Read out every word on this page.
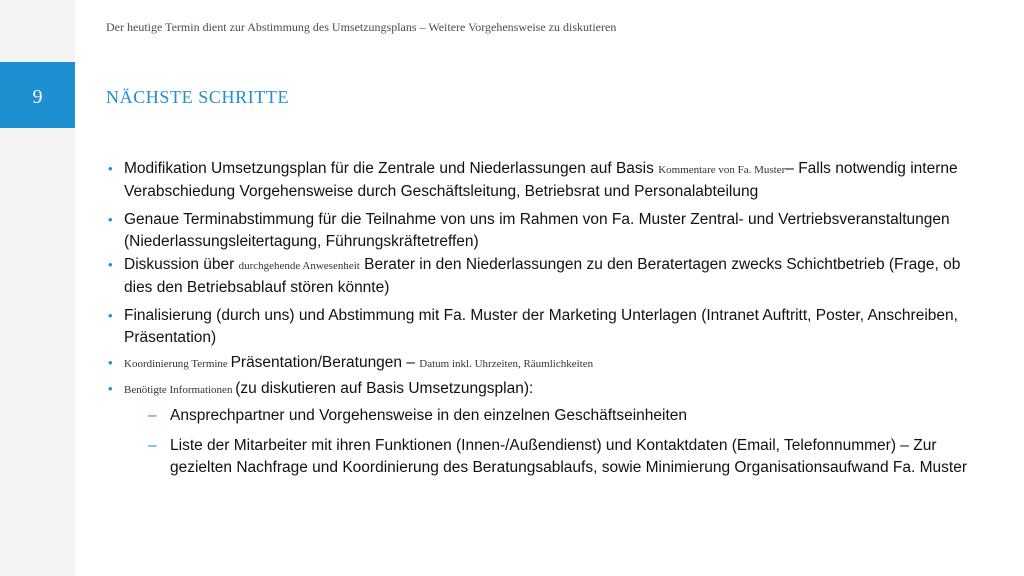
9
Der heutige Termin dient zur Abstimmung des Umsetzungsplans – Weitere Vorgehensweise zu diskutieren
NÄCHSTE SCHRITTE
• Modifikation Umsetzungsplan für die Zentrale und Niederlassungen auf Basis Kommentare von Fa. Muster– Falls notwendig interne Verabschiedung Vorgehensweise durch Geschäftsleitung, Betriebsrat und Personalabteilung
• Genaue Terminabstimmung für die Teilnahme von uns im Rahmen von Fa. Muster Zentral- und Vertriebsveranstaltungen (Niederlassungsleitertagung, Führungskräftetreffen)
• Diskussion über durchgehende Anwesenheit Berater in den Niederlassungen zu den Beratertagen zwecks Schichtbetrieb (Frage, ob dies den Betriebsablauf stören könnte)
• Finalisierung (durch uns) und Abstimmung mit Fa. Muster der Marketing Unterlagen (Intranet Auftritt, Poster, Anschreiben, Präsentation)
• Koordinierung Termine Präsentation/Beratungen – Datum inkl. Uhrzeiten, Räumlichkeiten
• Benötigte Informationen (zu diskutieren auf Basis Umsetzungsplan):
– Ansprechpartner und Vorgehensweise in den einzelnen Geschäftseinheiten
– Liste der Mitarbeiter mit ihren Funktionen (Innen-/Außendienst) und Kontaktdaten (Email, Telefonnummer) – Zur gezielten Nachfrage und Koordinierung des Beratungsablaufs, sowie Minimierung Organisationsaufwand Fa. Muster
